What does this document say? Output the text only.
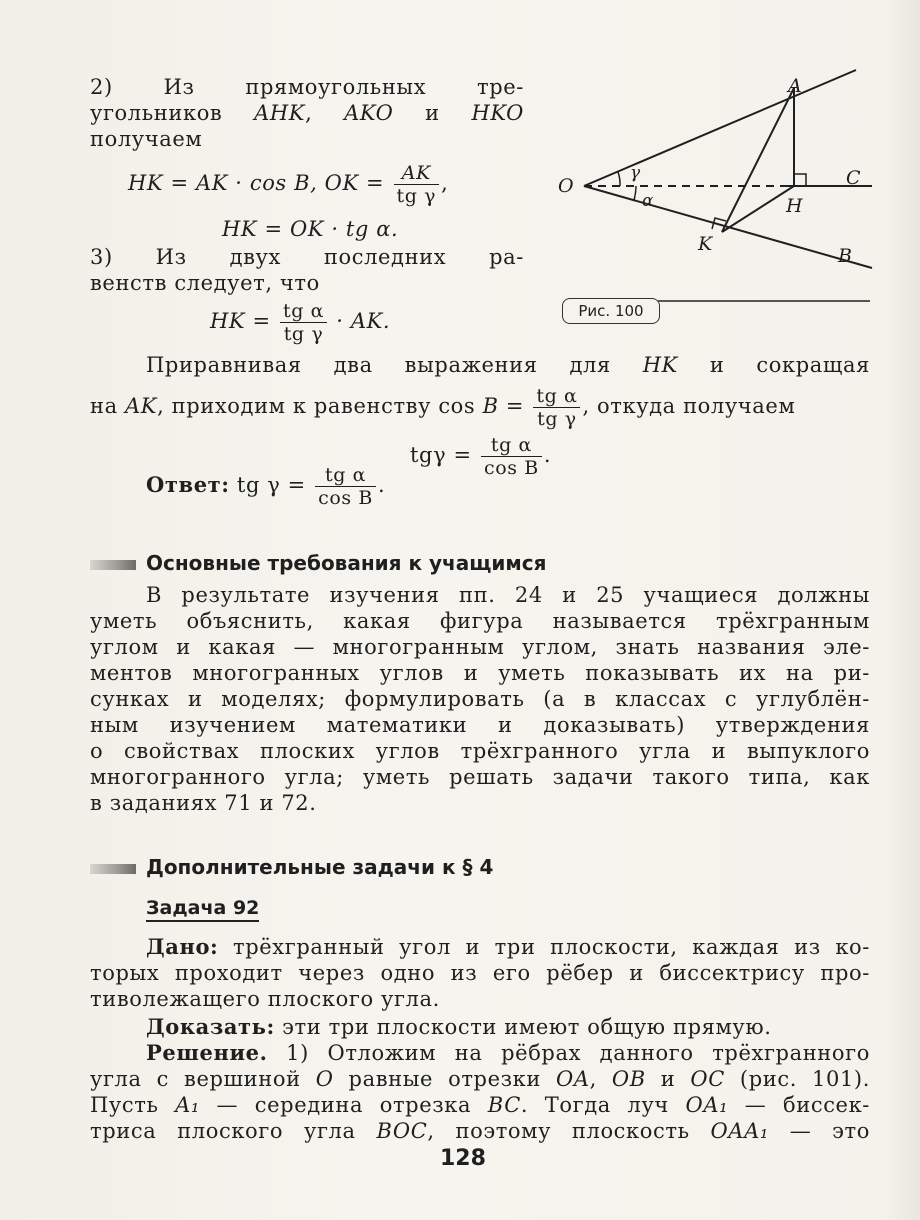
2) Из прямоугольных тре-
угольников AHK, AKO и HKO
получаем
HK = AK · cos B, OK = $\frac{AK}{\text{tg γ}}$ ,
HK = OK · tg α.
3) Из двух последних ра-
венств следует, что
HK = $\frac{\text{tg α}}{\text{tg γ}}$ · AK.
A
O
γ
α
C
H
K
B
Рис. 100
Приравнивая два выражения для HK и сокращая
на AK, приходим к равенству $\cos B = \frac{\text{tg α}}{\text{tg γ}}$ , откуда получаем
$tg\gamma = \frac{\text{tg α}}{\text{cos B}}$ .
Ответ: tg $\gamma = \frac{\text{tg α}}{\text{cos B}}$ .
Основные требования к учащимся
В результате изучения пп. 24 и 25 учащиеся должны
уметь объяснить, какая фигура называется трёхгранным
углом и какая — многогранным углом, знать названия эле-
ментов многогранных углов и уметь показывать их на ри-
сунках и моделях; формулировать (а в классах с углублён-
ным изучением математики и доказывать) утверждения
о свойствах плоских углов трёхгранного угла и выпуклого
многогранного угла; уметь решать задачи такого типа, как
в заданиях 71 и 72.
Дополнительные задачи к § 4
Задача 92
Дано: трёхгранный угол и три плоскости, каждая из ко-
торых проходит через одно из его рёбер и биссектрису про-
тиволежащего плоского угла.
Доказать: эти три плоскости имеют общую прямую.
Решение. 1) Отложим на рёбрах данного трёхгранного
угла с вершиной O равные отрезки OA, OB и OC (рис. 101).
Пусть A₁ — середина отрезка BC. Тогда луч OA₁ — биссек-
триса плоского угла BOC, поэтому плоскость OAA₁ — это
128
